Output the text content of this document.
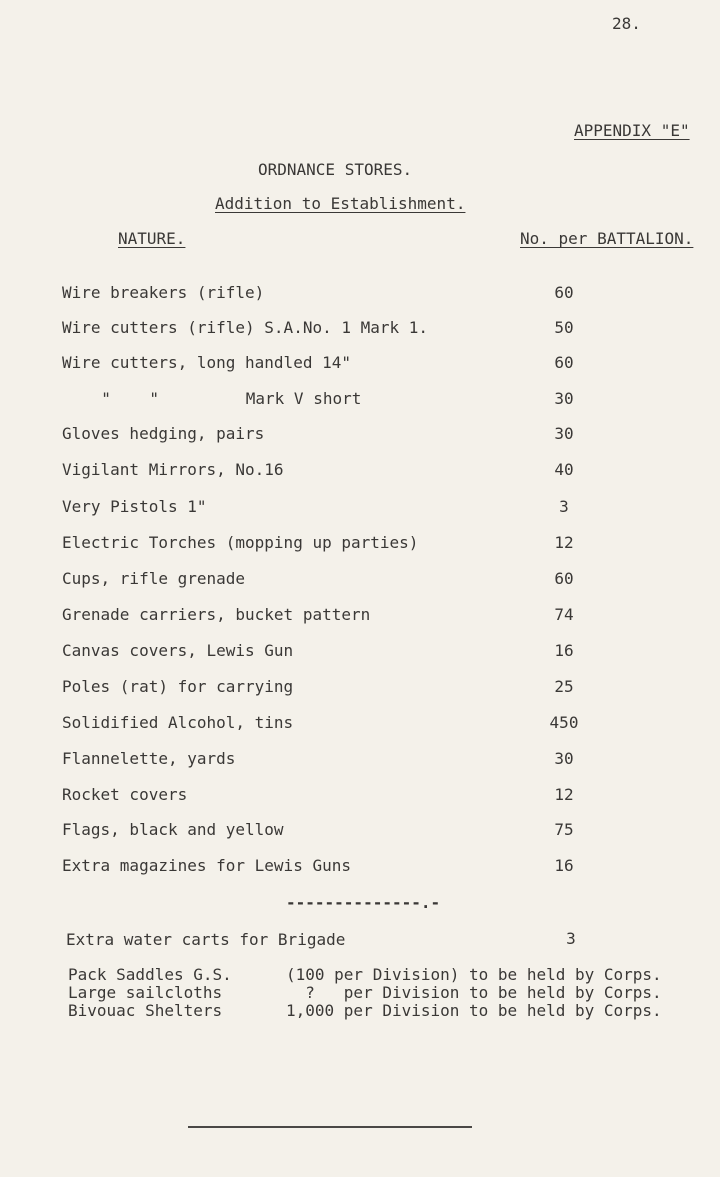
28.
APPENDIX "E"
ORDNANCE STORES.
Addition to Establishment.
NATURE.	No. per BATTALION.
Wire breakers (rifle)	60
Wire cutters (rifle) S.A.No. 1 Mark 1.	50
Wire cutters, long handled 14"	60
"    "         Mark V short	30
Gloves hedging, pairs	30
Vigilant Mirrors, No.16	40
Very Pistols 1"	3
Electric Torches (mopping up parties)	12
Cups, rifle grenade	60
Grenade carriers, bucket pattern	74
Canvas covers, Lewis Gun	16
Poles (rat) for carrying	25
Solidified Alcohol, tins	450
Flannelette, yards	30
Rocket covers	12
Flags, black and yellow	75
Extra magazines for Lewis Guns	16
--------------.-
Extra water carts for Brigade	3
Pack Saddles G.S.	(100 per Division) to be held by Corps.
Large sailcloths	?   per Division to be held by Corps.
Bivouac Shelters	1,000 per Division to be held by Corps.
